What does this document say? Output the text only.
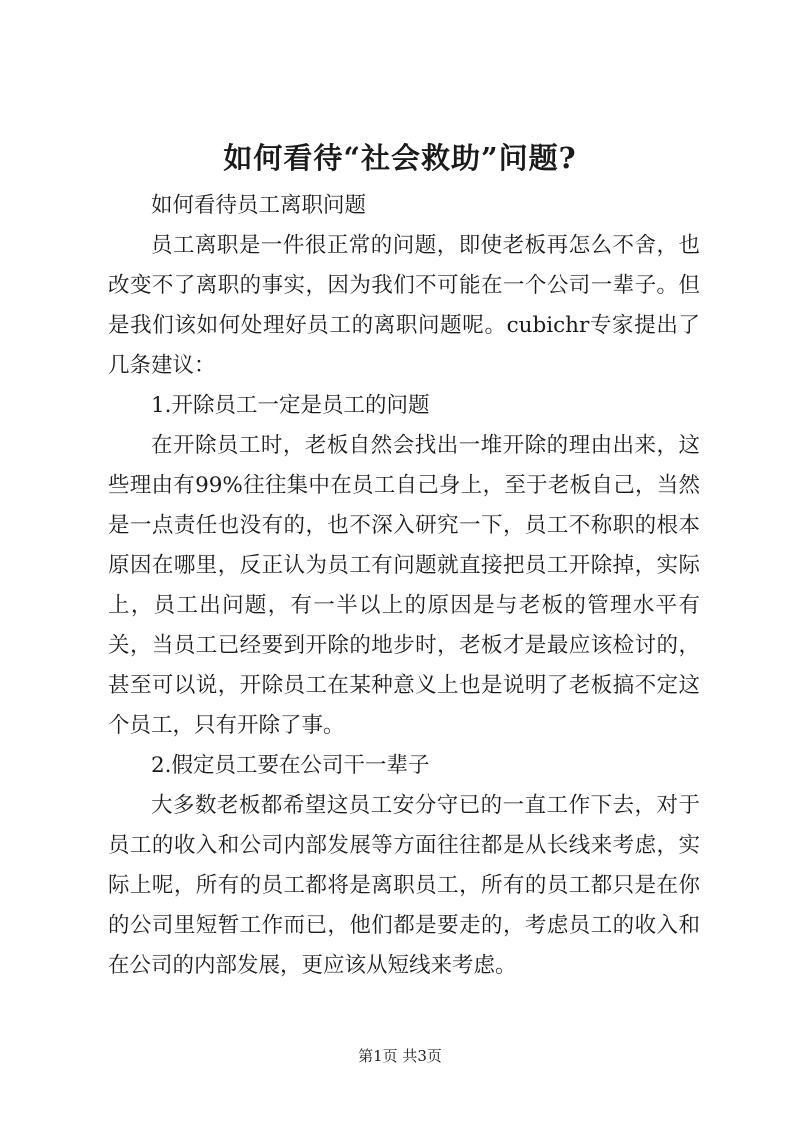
如何看待“社会救助”问题?

如何看待员工离职问题

员工离职是一件很正常的问题，即使老板再怎么不舍，也改变不了离职的事实，因为我们不可能在一个公司一辈子。但是我们该如何处理好员工的离职问题呢。cubichr专家提出了几条建议：

1.开除员工一定是员工的问题

在开除员工时，老板自然会找出一堆开除的理由出来，这些理由有99%往往集中在员工自己身上，至于老板自己，当然是一点责任也没有的，也不深入研究一下，员工不称职的根本原因在哪里，反正认为员工有问题就直接把员工开除掉，实际上，员工出问题，有一半以上的原因是与老板的管理水平有关，当员工已经要到开除的地步时，老板才是最应该检讨的，甚至可以说，开除员工在某种意义上也是说明了老板搞不定这个员工，只有开除了事。

2.假定员工要在公司干一辈子

大多数老板都希望这员工安分守已的一直工作下去，对于员工的收入和公司内部发展等方面往往都是从长线来考虑，实际上呢，所有的员工都将是离职员工，所有的员工都只是在你的公司里短暂工作而已，他们都是要走的，考虑员工的收入和在公司的内部发展，更应该从短线来考虑。

第1页 共3页
